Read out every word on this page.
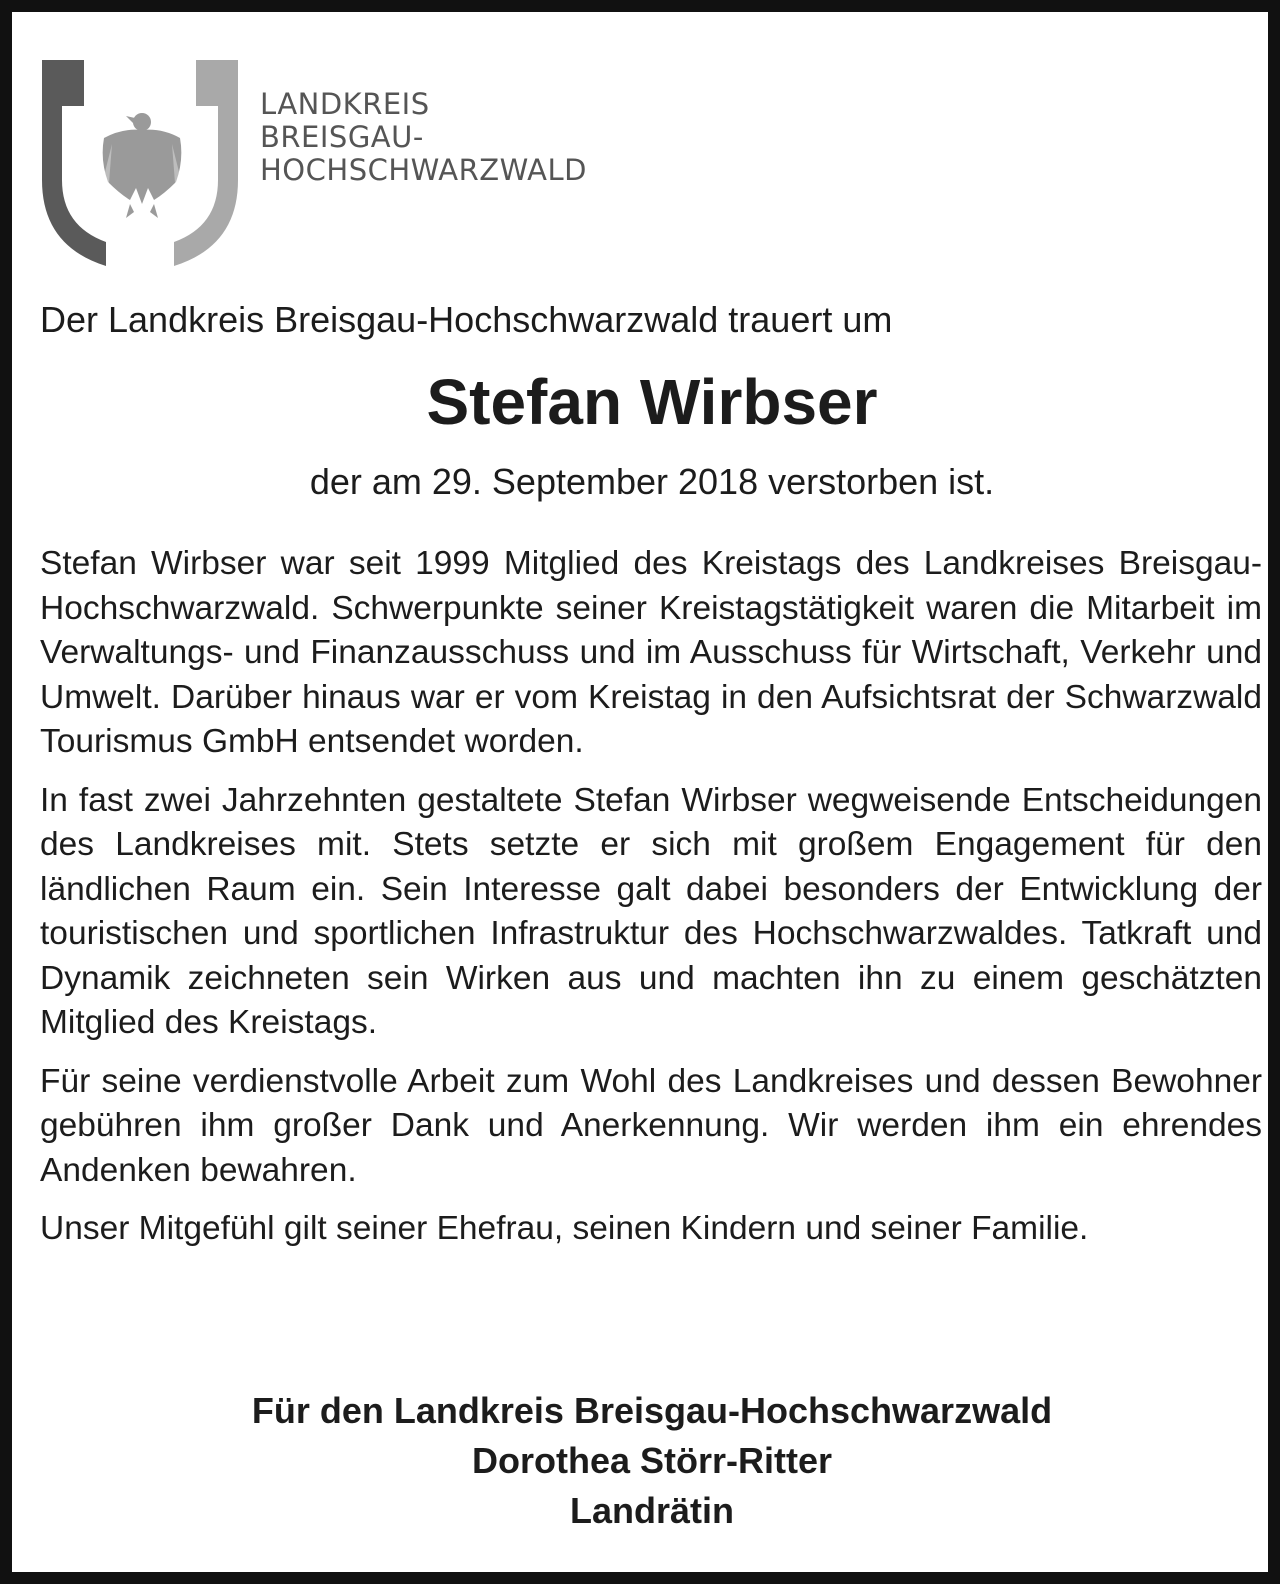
LANDKREIS
BREISGAU-
HOCHSCHWARZWALD
Der Landkreis Breisgau-Hochschwarzwald trauert um
Stefan Wirbser
der am 29. September 2018 verstorben ist.

Stefan Wirbser war seit 1999 Mitglied des Kreistags des Landkreises Breisgau-Hochschwarzwald. Schwerpunkte seiner Kreistagstätigkeit waren die Mitarbeit im Verwaltungs- und Finanzausschuss und im Ausschuss für Wirtschaft, Verkehr und Umwelt. Darüber hinaus war er vom Kreistag in den Aufsichtsrat der Schwarzwald Tourismus GmbH entsendet worden.

In fast zwei Jahrzehnten gestaltete Stefan Wirbser wegweisende Entscheidungen des Landkreises mit. Stets setzte er sich mit großem Engagement für den ländlichen Raum ein. Sein Interesse galt dabei besonders der Entwicklung der touristischen und sportlichen Infrastruktur des Hochschwarzwaldes. Tatkraft und Dynamik zeichneten sein Wirken aus und machten ihn zu einem geschätzten Mitglied des Kreistags.

Für seine verdienstvolle Arbeit zum Wohl des Landkreises und dessen Bewohner gebühren ihm großer Dank und Anerkennung. Wir werden ihm ein ehrendes Andenken bewahren.

Unser Mitgefühl gilt seiner Ehefrau, seinen Kindern und seiner Familie.

Für den Landkreis Breisgau-Hochschwarzwald
Dorothea Störr-Ritter
Landrätin
